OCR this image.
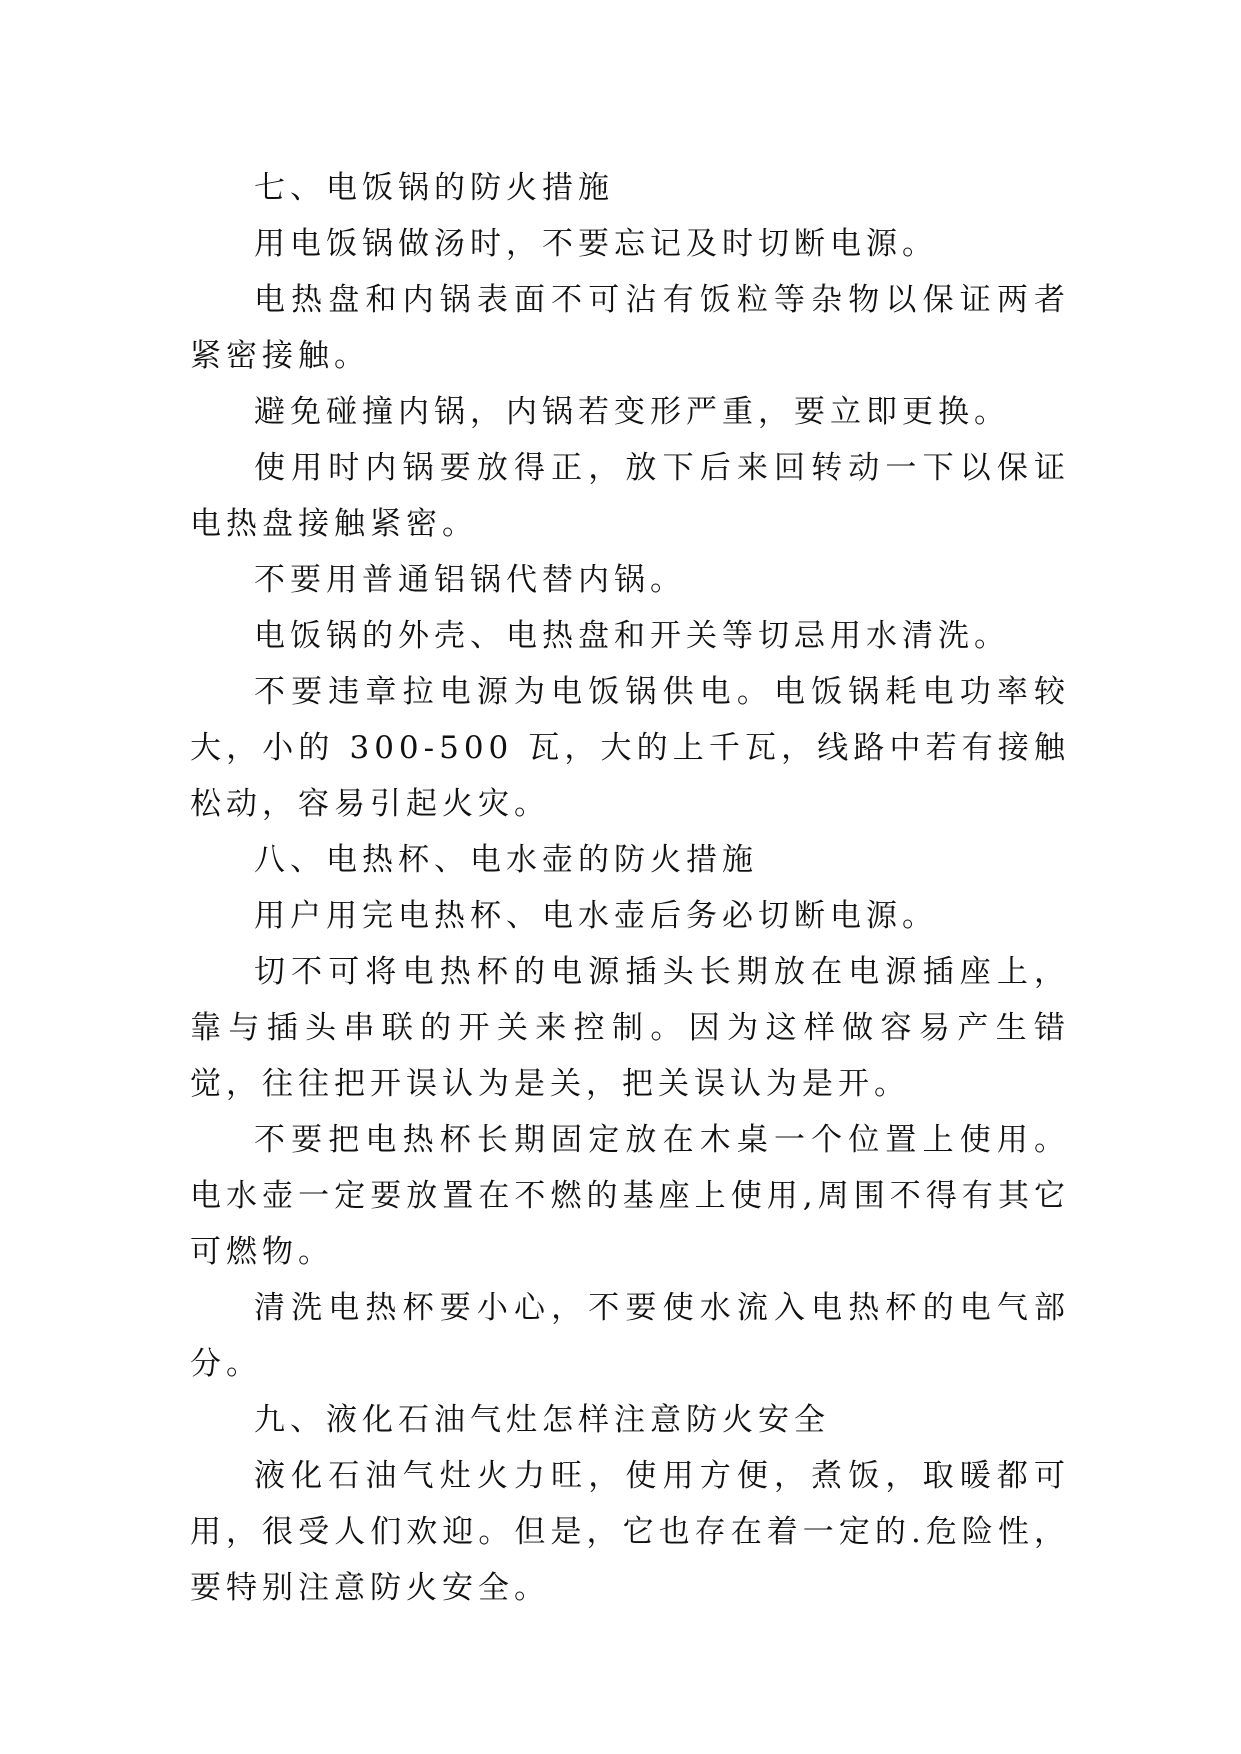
七、电饭锅的防火措施

用电饭锅做汤时，不要忘记及时切断电源。

电热盘和内锅表面不可沾有饭粒等杂物以保证两者紧密接触。

避免碰撞内锅，内锅若变形严重，要立即更换。

使用时内锅要放得正，放下后来回转动一下以保证电热盘接触紧密。

不要用普通铝锅代替内锅。

电饭锅的外壳、电热盘和开关等切忌用水清洗。

不要违章拉电源为电饭锅供电。电饭锅耗电功率较大，小的 300-500 瓦，大的上千瓦，线路中若有接触松动，容易引起火灾。

八、电热杯、电水壶的防火措施

用户用完电热杯、电水壶后务必切断电源。

切不可将电热杯的电源插头长期放在电源插座上，靠与插头串联的开关来控制。因为这样做容易产生错觉，往往把开误认为是关，把关误认为是开。

不要把电热杯长期固定放在木桌一个位置上使用。电水壶一定要放置在不燃的基座上使用,周围不得有其它可燃物。

清洗电热杯要小心，不要使水流入电热杯的电气部分。

九、液化石油气灶怎样注意防火安全

液化石油气灶火力旺，使用方便，煮饭，取暖都可用，很受人们欢迎。但是，它也存在着一定的.危险性，要特别注意防火安全。
